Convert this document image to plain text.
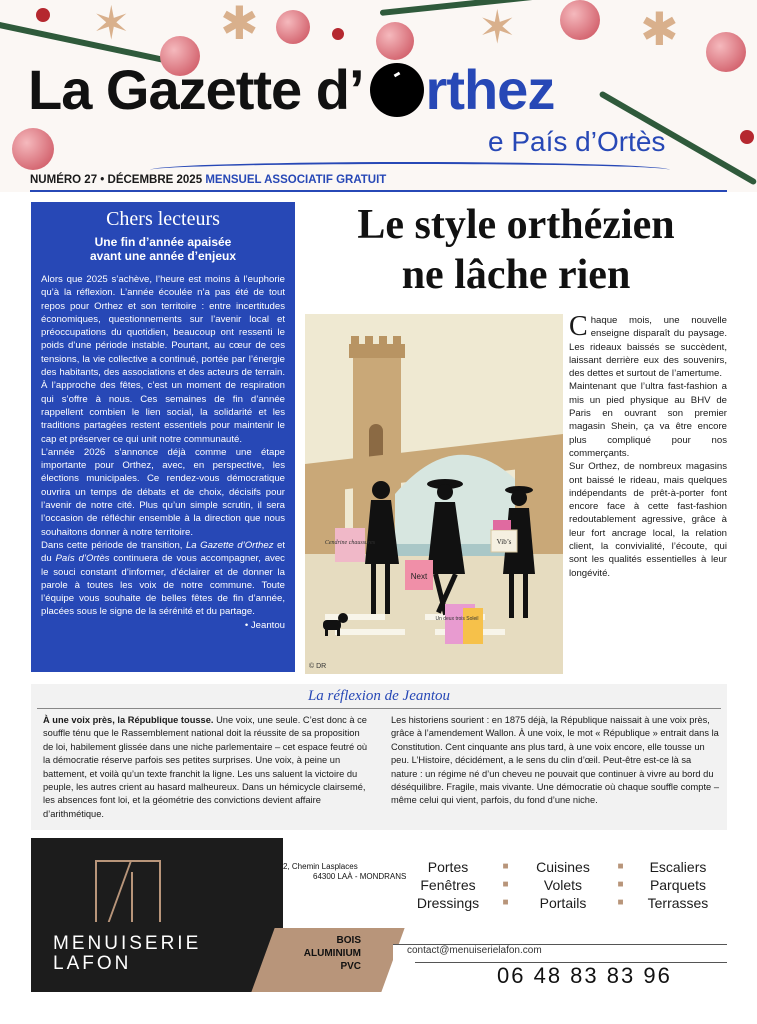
✶ ✱	✶	✱
La Gazette d’ rthez
e País d’Ortès
NUMÉRO 27 • DÉCEMBRE 2025 MENSUEL ASSOCIATIF GRATUIT
Chers lecteurs
Une fin d’année apaisée
avant une année d’enjeux

Alors que 2025 s’achève, l’heure est moins à l’euphorie qu’à la réflexion. L’année écoulée n’a pas été de tout repos pour Orthez et son territoire : entre incertitudes économiques, questionnements sur l’avenir local et préoccupations du quotidien, beaucoup ont ressenti le poids d’une période instable. Pourtant, au cœur de ces tensions, la vie collective a continué, portée par l’énergie des habitants, des associations et des acteurs de terrain. À l’approche des fêtes, c’est un moment de respiration qui s’offre à nous. Ces semaines de fin d’année rappellent combien le lien social, la solidarité et les traditions partagées restent essentiels pour maintenir le cap et préserver ce qui unit notre communauté.

L’année 2026 s’annonce déjà comme une étape importante pour Orthez, avec, en perspective, les élections municipales. Ce rendez-vous démocratique ouvrira un temps de débats et de choix, décisifs pour l’avenir de notre cité. Plus qu’un simple scrutin, il sera l’occasion de réfléchir ensemble à la direction que nous souhaitons donner à notre territoire.

Dans cette période de transition, La Gazette d’Orthez et du País d’Ortès continuera de vous accompagner, avec le souci constant d’informer, d’éclairer et de donner la parole à toutes les voix de notre commune. Toute l’équipe vous souhaite de belles fêtes de fin d’année, placées sous le signe de la sérénité et du partage.

• Jeantou
Le style orthézien
ne lâche rien
Cendrine chaussures
Next
Vib’s
Un deux trois Soleil
© DR

Chaque mois, une nouvelle enseigne disparaît du paysage. Les rideaux baissés se succèdent, laissant derrière eux des souvenirs, des dettes et surtout de l’amertume.

Maintenant que l’ultra fast-fashion a mis un pied physique au BHV de Paris en ouvrant son premier magasin Shein, ça va être encore plus compliqué pour nos commerçants.

Sur Orthez, de nombreux magasins ont baissé le rideau, mais quelques indépendants de prêt-à-porter font encore face à cette fast-fashion redoutablement agressive, grâce à leur fort ancrage local, la relation client, la convivialité, l’écoute, qui sont les qualités essentielles à leur longévité.

La réflexion de Jeantou

À une voix près, la République tousse. Une voix, une seule. C’est donc à ce souffle ténu que le Rassemblement national doit la réussite de sa proposition de loi, habilement glissée dans une niche parlementaire – cet espace feutré où la démocratie réserve parfois ses petites surprises. Une voix, à peine un battement, et voilà qu’un texte franchit la ligne. Les uns saluent la victoire du peuple, les autres crient au hasard malheureux. Dans un hémicycle clairsemé, les absences font loi, et la géométrie des convictions devient affaire d’arithmétique.

Les historiens sourient : en 1875 déjà, la République naissait à une voix près, grâce à l’amendement Wallon. À une voix, le mot « République » entrait dans la Constitution. Cent cinquante ans plus tard, à une voix encore, elle tousse un peu. L’Histoire, décidément, a le sens du clin d’œil. Peut-être est-ce là sa nature : un régime né d’un cheveu ne pouvait que continuer à vivre au bord du déséquilibre. Fragile, mais vivante. Une démocratie où chaque souffle compte – même celui qui vient, parfois, du fond d’une niche.

MENUISERIE
LAFON
2, Chemin Lasplaces
64300 LAÀ - MONDRANS
BOIS
ALUMINIUM
PVC
Portes	■	Cuisines	■	Escaliers
Fenêtres	■	Volets	■	Parquets
Dressings	■	Portails	■	Terrasses
contact@menuiserielafon.com
06 48 83 83 96
